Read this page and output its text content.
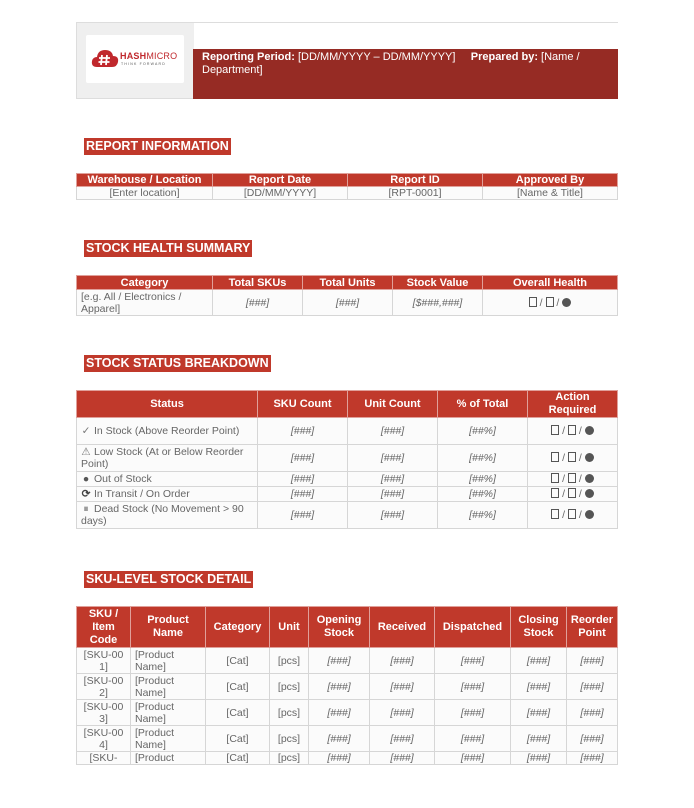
HASHMICRO
THINK FORWARD
Reporting Period: [DD/MM/YYYY – DD/MM/YYYY] Prepared by: [Name / Department]
REPORT INFORMATION
Warehouse / Location	Report Date	Report ID	Approved By
[Enter location]	[DD/MM/YYYY]	[RPT-0001]	[Name & Title]
STOCK HEALTH SUMMARY
Category	Total SKUs	Total Units	Stock Value	Overall Health
[e.g. All / Electronics / Apparel]	[###]	[###]	[$###,###]	/  /
STOCK STATUS BREAKDOWN
Status	SKU Count	Unit Count	% of Total	Action Required
✓ In Stock (Above Reorder Point)	[###]	[###]	[##%]	/  /
⚠ Low Stock (At or Below Reorder Point)	[###]	[###]	[##%]	/  /
● Out of Stock	[###]	[###]	[##%]	/  /
⟳ In Transit / On Order	[###]	[###]	[##%]	/  /
⏸ Dead Stock (No Movement > 90 days)	[###]	[###]	[##%]	/  /
SKU-LEVEL STOCK DETAIL
SKU / Item Code	Product Name	Category	Unit	Opening Stock	Received	Dispatched	Closing Stock	Reorder Point
[SKU-001]	[Product Name]	[Cat]	[pcs]	[###]	[###]	[###]	[###]	[###]
[SKU-002]	[Product Name]	[Cat]	[pcs]	[###]	[###]	[###]	[###]	[###]
[SKU-003]	[Product Name]	[Cat]	[pcs]	[###]	[###]	[###]	[###]	[###]
[SKU-004]	[Product Name]	[Cat]	[pcs]	[###]	[###]	[###]	[###]	[###]
[SKU-	[Product	[Cat]	[pcs]	[###]	[###]	[###]	[###]	[###]
